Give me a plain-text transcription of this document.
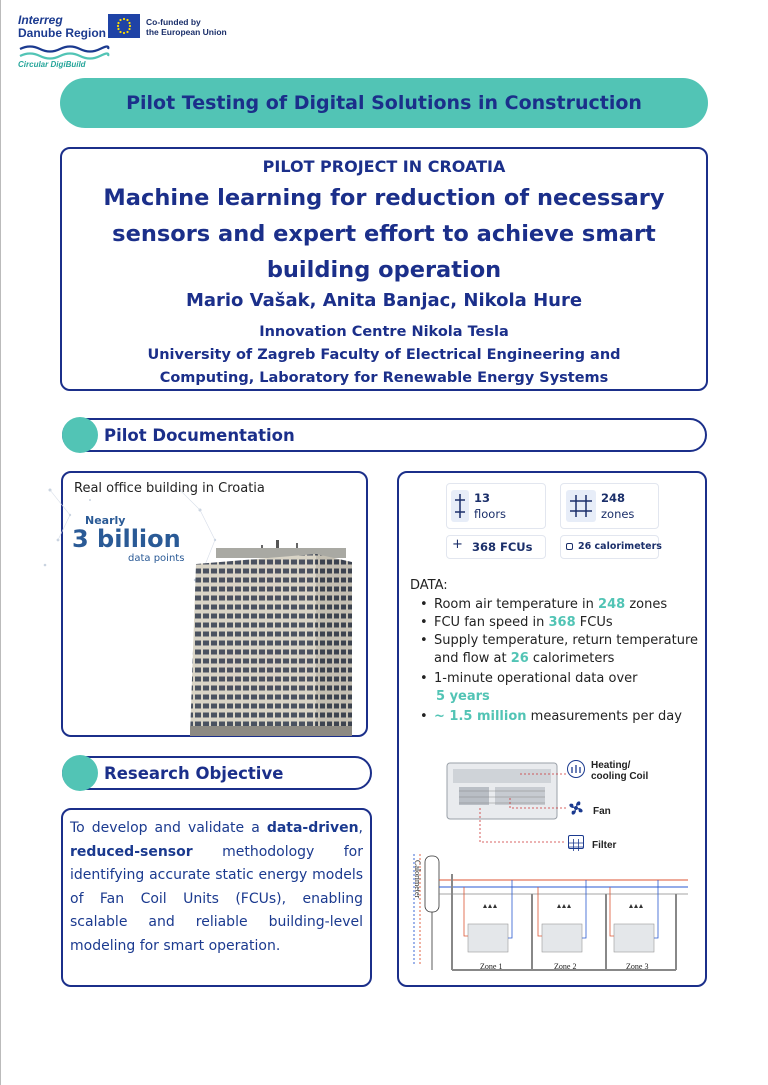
Interreg
Danube Region
Co-funded by
the European Union
Circular DigiBuild
Pilot Testing of Digital Solutions in Construction
PILOT PROJECT IN CROATIA
Machine learning for reduction of necessary
sensors and expert effort to achieve smart
building operation
Mario Vašak, Anita Banjac, Nikola Hure
Innovation Centre Nikola Tesla
University of Zagreb Faculty of Electrical Engineering and
Computing, Laboratory for Renewable Energy Systems
Pilot Documentation
Real office building in Croatia
Nearly
3 billion
data points
13
floors
248
zones
+ 368 FCUs	26 calorimeters
DATA:
• Room air temperature in 248 zones
• FCU fan speed in 368 FCUs
• Supply temperature, return temperature and flow at 26 calorimeters
• 1-minute operational data over
5 years
• ~ 1.5 million measurements per day
Heating/
cooling Coil
Fan
Filter
Calorimeter
Zone 1	Zone 2	Zone 3
Research Objective
To develop and validate a data-driven, reduced-sensor methodology for identifying accurate static energy models of Fan Coil Units (FCUs), enabling scalable and reliable building-level modeling for smart operation.
